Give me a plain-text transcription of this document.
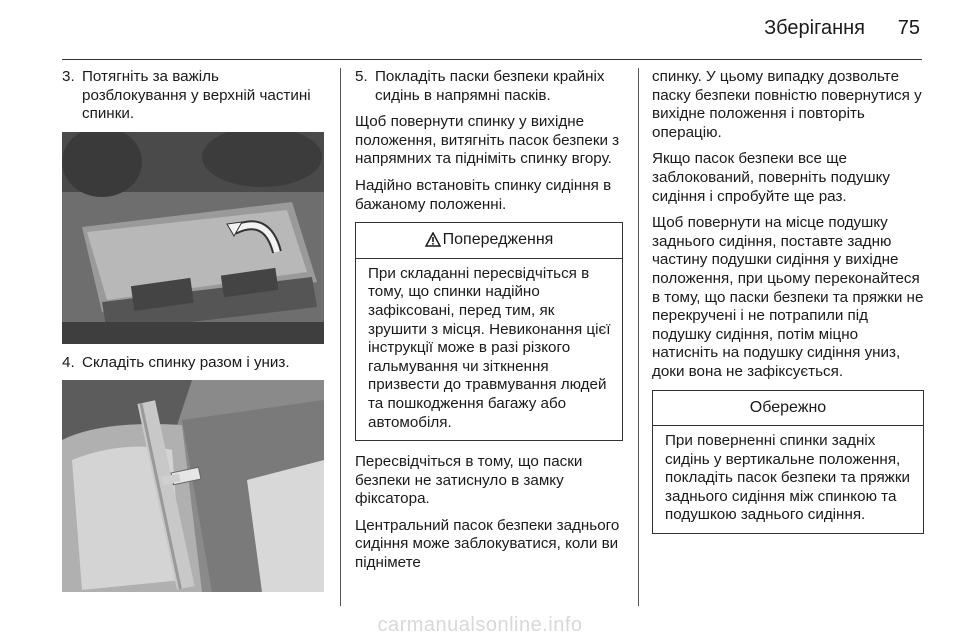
Зберігання 75
3. Потягніть за важіль розблокування у верхній частині спинки.
4. Складіть спинку разом і униз.
5. Покладіть паски безпеки крайніх сидінь в напрямні пасків.

Щоб повернути спинку у вихідне положення, витягніть пасок безпеки з напрямних та підніміть спинку вгору.

Надійно встановіть спинку сидіння в бажаному положенні.

Попередження
При складанні пересвідчіться в тому, що спинки надійно зафіксовані, перед тим, як зрушити з місця. Невиконання цієї інструкції може в разі різкого гальмування чи зіткнення призвести до травмування людей та пошкодження багажу або автомобіля.

Пересвідчіться в тому, що паски безпеки не затиснуло в замку фіксатора.

Центральний пасок безпеки заднього сидіння може заблокуватися, коли ви піднімете

спинку. У цьому випадку дозвольте паску безпеки повністю повернутися у вихідне положення і повторіть операцію.

Якщо пасок безпеки все ще заблокований, поверніть подушку сидіння і спробуйте ще раз.

Щоб повернути на місце подушку заднього сидіння, поставте задню частину подушки сидіння у вихідне положення, при цьому переконайтеся в тому, що паски безпеки та пряжки не перекручені і не потрапили під подушку сидіння, потім міцно натисніть на подушку сидіння униз, доки вона не зафіксується.

Обережно
При поверненні спинки задніх сидінь у вертикальне положення, покладіть пасок безпеки та пряжки заднього сидіння між спинкою та подушкою заднього сидіння.
carmanualsonline.info
